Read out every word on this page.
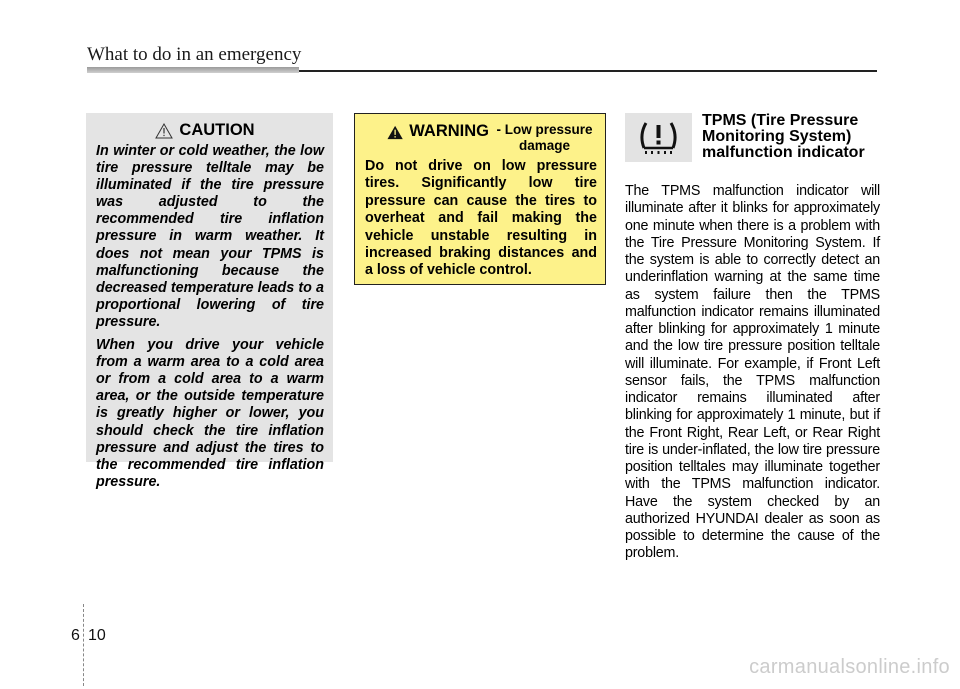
What to do in an emergency
CAUTION

In winter or cold weather, the low tire pressure telltale may be illuminated if the tire pressure was adjusted to the recommended tire inflation pressure in warm weather. It does not mean your TPMS is malfunctioning because the decreased temperature leads to a proportional lowering of tire pressure.

When you drive your vehicle from a warm area to a cold area or from a cold area to a warm area, or the outside temperature is greatly higher or lower, you should check the tire inflation pressure and adjust the tires to the recommended tire inflation pressure.

WARNING - Low pressure damage

Do not drive on low pressure tires. Significantly low tire pressure can cause the tires to overheat and fail making the vehicle unstable resulting in increased braking distances and a loss of vehicle control.

TPMS (Tire Pressure Monitoring System) malfunction indicator

The TPMS malfunction indicator will illuminate after it blinks for approximately one minute when there is a problem with the Tire Pressure Monitoring System. If the system is able to correctly detect an underinflation warning at the same time as system failure then the TPMS malfunction indicator remains illuminated after blinking for approximately 1 minute and the low tire pressure position telltale will illuminate. For example, if Front Left sensor fails, the TPMS malfunction indicator remains illuminated after blinking for approximately 1 minute, but if the Front Right, Rear Left, or Rear Right tire is under-inflated, the low tire pressure position telltales may illuminate together with the TPMS malfunction indicator. Have the system checked by an authorized HYUNDAI dealer as soon as possible to determine the cause of the problem.

6 10
carmanualsonline.info
